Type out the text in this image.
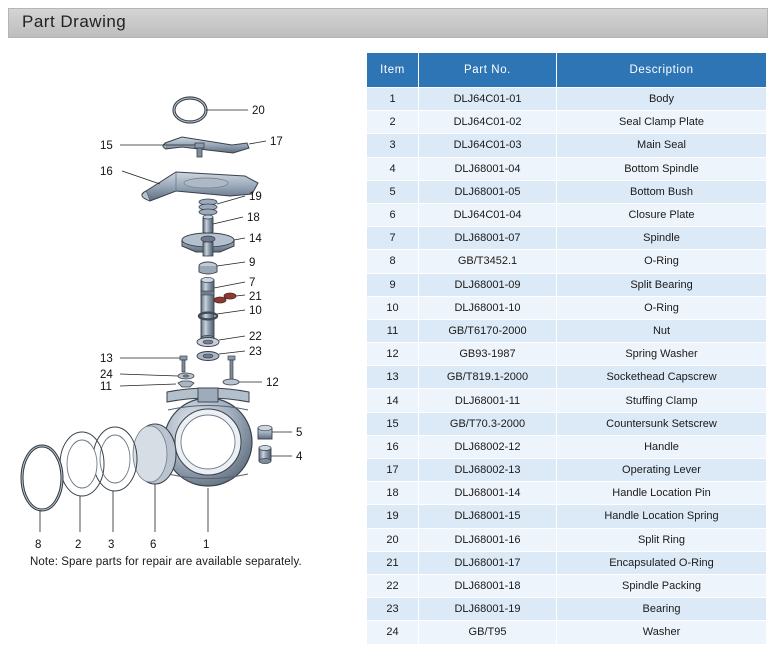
Part Drawing
20
17
15
16
19
18
14
9
7
21
10
22
23
13
24
11	12
1
5
4
6
3
2
8
Note: Spare parts for repair are available separately.
Item	Part No.	Description
1	DLJ64C01-01	Body
2	DLJ64C01-02	Seal Clamp Plate
3	DLJ64C01-03	Main Seal
4	DLJ68001-04	Bottom Spindle
5	DLJ68001-05	Bottom Bush
6	DLJ64C01-04	Closure Plate
7	DLJ68001-07	Spindle
8	GB/T3452.1	O-Ring
9	DLJ68001-09	Split Bearing
10	DLJ68001-10	O-Ring
11	GB/T6170-2000	Nut
12	GB93-1987	Spring Washer
13	GB/T819.1-2000	Sockethead Capscrew
14	DLJ68001-11	Stuffing Clamp
15	GB/T70.3-2000	Countersunk Setscrew
16	DLJ68002-12	Handle
17	DLJ68002-13	Operating Lever
18	DLJ68001-14	Handle Location Pin
19	DLJ68001-15	Handle Location Spring
20	DLJ68001-16	Split Ring
21	DLJ68001-17	Encapsulated O-Ring
22	DLJ68001-18	Spindle Packing
23	DLJ68001-19	Bearing
24	GB/T95	Washer
